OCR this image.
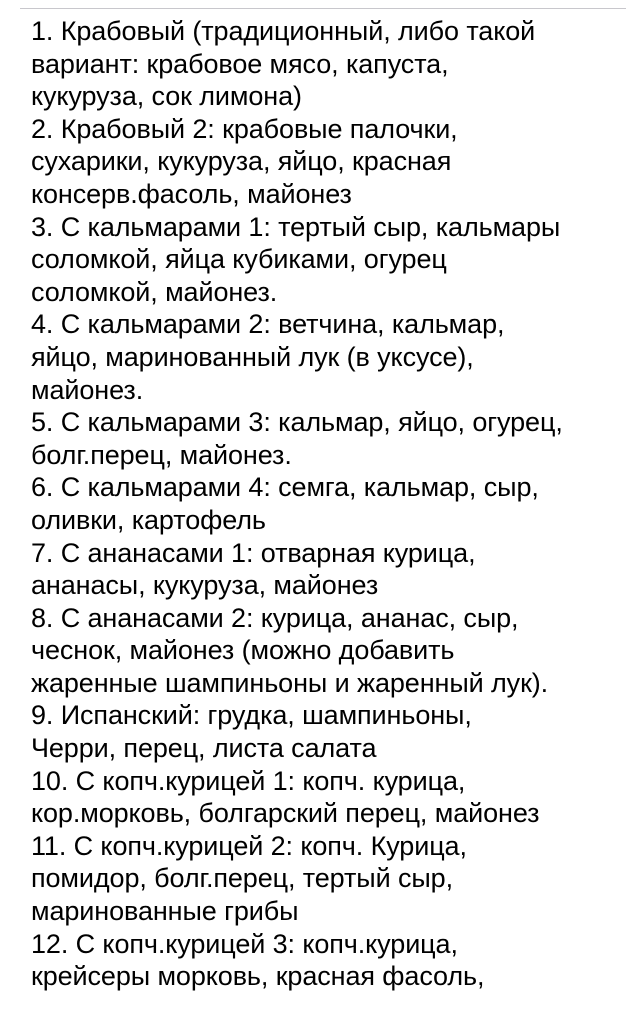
1. Крабовый (традиционный, либо такой
вариант: крабовое мясо, капуста,
кукуруза, сок лимона)
2. Крабовый 2: крабовые палочки,
сухарики, кукуруза, яйцо, красная
консерв.фасоль, майонез
3. С кальмарами 1: тертый сыр, кальмары
соломкой, яйца кубиками, огурец
соломкой, майонез.
4. С кальмарами 2: ветчина, кальмар,
яйцо, маринованный лук (в уксусе),
майонез.
5. С кальмарами 3: кальмар, яйцо, огурец,
болг.перец, майонез.
6. С кальмарами 4: семга, кальмар, сыр,
оливки, картофель
7. С ананасами 1: отварная курица,
ананасы, кукуруза, майонез
8. С ананасами 2: курица, ананас, сыр,
чеснок, майонез (можно добавить
жаренные шампиньоны и жаренный лук).
9. Испанский: грудка, шампиньоны,
Черри, перец, листа салата
10. С копч.курицей 1: копч. курица,
кор.морковь, болгарский перец, майонез
11. С копч.курицей 2: копч. Курица,
помидор, болг.перец, тертый сыр,
маринованные грибы
12. С копч.курицей 3: копч.курица,
крейсеры морковь, красная фасоль,
